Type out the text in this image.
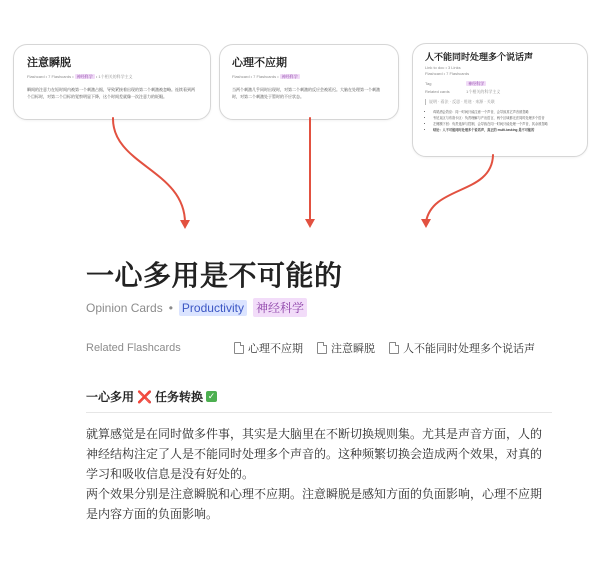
注意瞬脱
Flashcard • 7 Flashcards • 神经科学 • 1个相关的科学主义
瞬间的注意力在短时间内被第一个刺激占据，导致紧接着出现的第二个刺激被忽略。连续看到两个目标时，对第二个目标的觉察明显下降，这个时间差就像一次注意力的眨眼。
心理不应期
Flashcard • 7 Flashcards • 神经科学
当两个刺激几乎同时出现时，对第二个刺激的反应会被延迟。大脑在处理第一个刺激时，对第二个刺激处于暂时的不应状态。
人不能同时处理多个说话声
Link to doc • 3 Links
Flashcard • 7 Flashcards
Tag	神经科学
Related cards	1个相关的科学主义
说明 · 看法 · 反思 · 用途 · 来源 · 关联
• 鸡尾酒会效应：同一时间只能注意一个声音，会导致其它声音被忽略
• 韦尼克区与布洛卡区：负责理解与产出语言，两个区域都无法同时处理多个语音
• 左侧额下回：负责选择与控制，会导致在同一时间只能处理一个声音，其余被忽略
• 结论：人不可能同时处理多个说话声，真正的 multi-tasking 是不可能的
一心多用是不可能的
Opinion Cards • Productivity 神经科学
Related Flashcards	心理不应期	注意瞬脱	人不能同时处理多个说话声
一心多用 ❌ 任务转换 ✓

就算感觉是在同时做多件事，其实是大脑里在不断切换规则集。尤其是声音方面，人的神经结构注定了人是不能同时处理多个声音的。这种频繁切换会造成两个效果，对真的学习和吸收信息是没有好处的。

两个效果分别是注意瞬脱和心理不应期。注意瞬脱是感知方面的负面影响，心理不应期是内容方面的负面影响。
